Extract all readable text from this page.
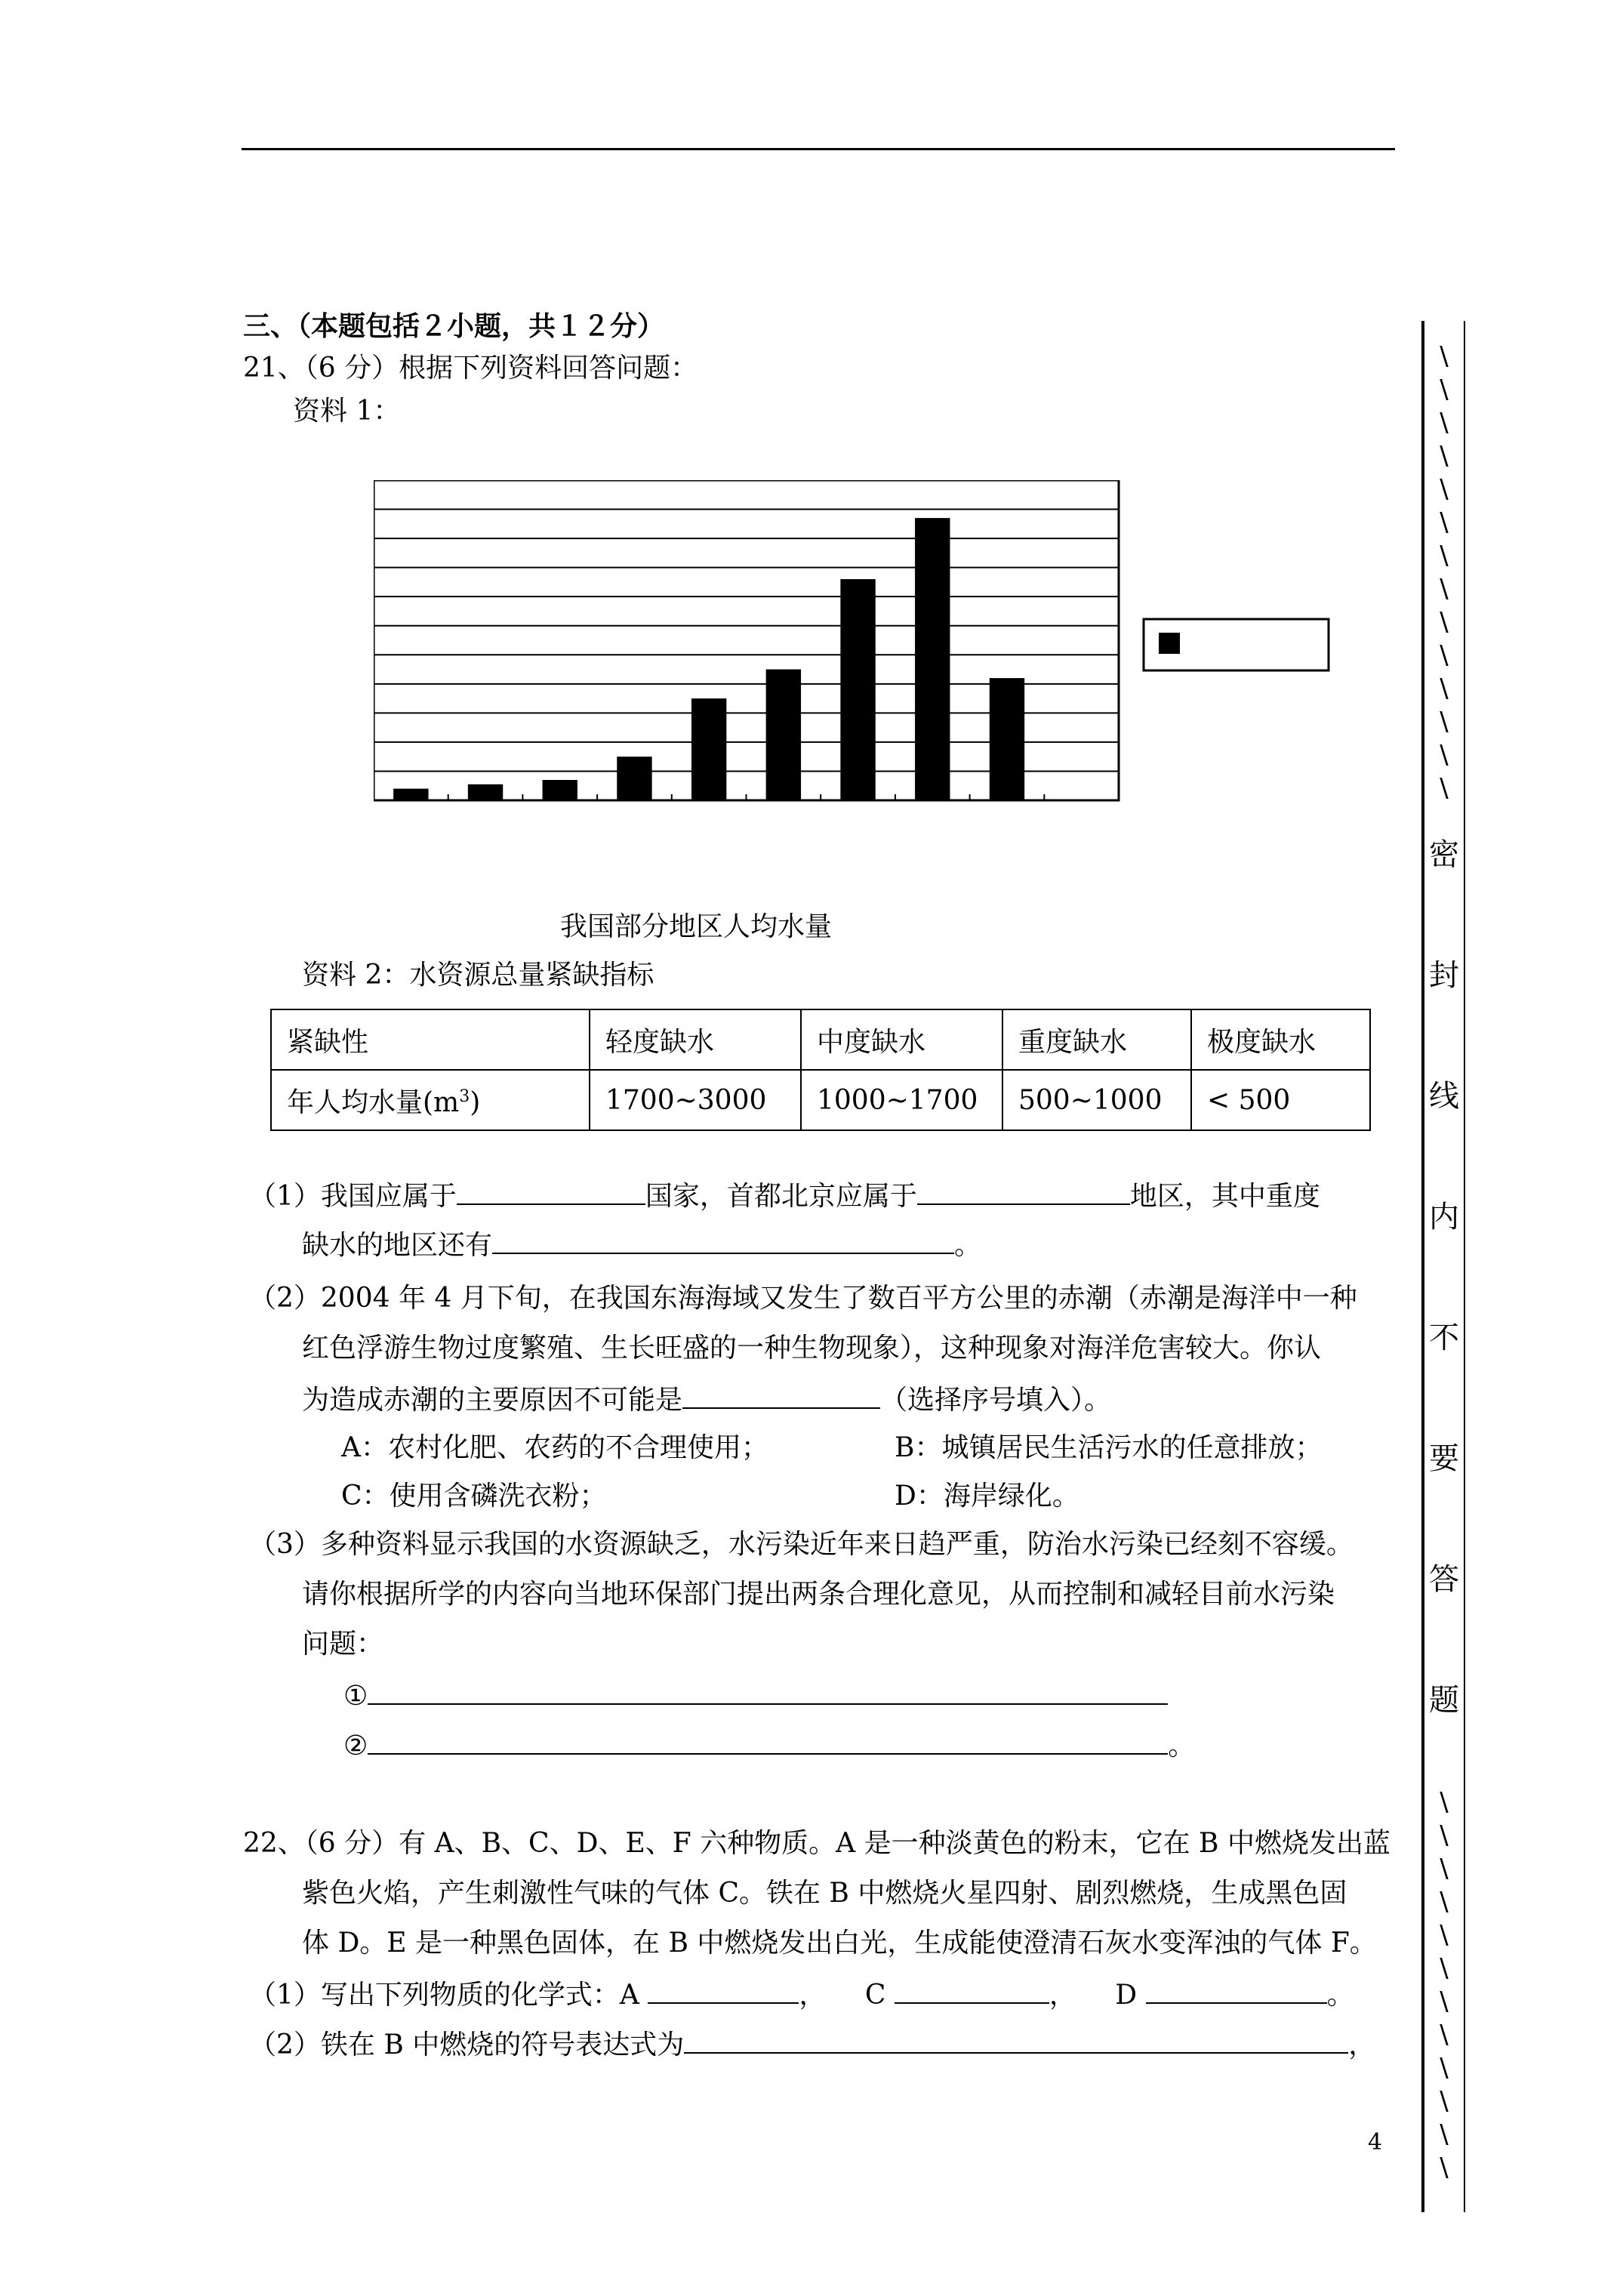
三、（本题包括２小题，共１２分）
21、（6 分）根据下列资料回答问题：
资料 1：
我国部分地区人均水量
资料 2：水资源总量紧缺指标
紧缺性	轻度缺水	中度缺水	重度缺水	极度缺水
年人均水量$(m^3)$	1700~3000	1000~1700	500~1000	< 500
（1）我国应属于	国家，首都北京应属于	地区，其中重度
缺水的地区还有	。
（2）2004 年 4 月下旬，在我国东海海域又发生了数百平方公里的赤潮（赤潮是海洋中一种
红色浮游生物过度繁殖、生长旺盛的一种生物现象），这种现象对海洋危害较大。你认
为造成赤潮的主要原因不可能是	（选择序号填入）。
A：农村化肥、农药的不合理使用；	B：城镇居民生活污水的任意排放；
C：使用含磷洗衣粉；	D：海岸绿化。
（3）多种资料显示我国的水资源缺乏，水污染近年来日趋严重，防治水污染已经刻不容缓。
请你根据所学的内容向当地环保部门提出两条合理化意见，从而控制和减轻目前水污染
问题：
①
②	。
22、（6 分）有 A、B、C、D、E、F 六种物质。A 是一种淡黄色的粉末，它在 B 中燃烧发出蓝
紫色火焰，产生刺激性气味的气体 C。铁在 B 中燃烧火星四射、剧烈燃烧，生成黑色固
体 D。E 是一种黑色固体，在 B 中燃烧发出白光，生成能使澄清石灰水变浑浊的气体 F。
（1）写出下列物质的化学式：A	， C	， D	。
（2）铁在 B 中燃烧的符号表达式为	，
4
密
封
线
内
不
要
答
题
\
\
\
\
\
\
\
\
\
\
\
\
\
\
\
\
\
\
\
\
\
\
\
\
\
\
